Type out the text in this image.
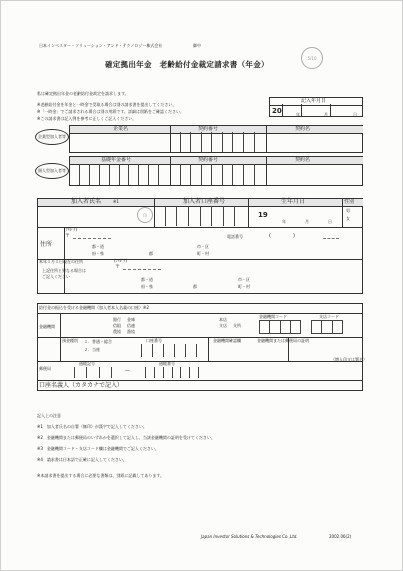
日本インベスター・ソリューション・アンド・テクノロジー株式会社	御中
5/10
確定拠出年金　老齢給付金裁定請求書（年金）
私は確定拠出年金の老齢給付金裁定を請求します。
※老齢給付金を年金と一時金で受取る場合は別の請求書を提出してください。
※「一時金」でご請求される場合は別の用紙です。詳細は別紙をご確認ください。
※この請求書は記入例を参考に正しくご記入ください。
記入年月日
20	年	月	日
企業型加入者等
企業名	契約番号	契約名
個人型加入者等
基礎年金番号	契約番号	契約名
加入者氏名	※1	加入者口座番号	生年月日	性別
印	19
年	月	日
男
女
(ﾌﾘｶﾞﾅ)
〒	電話番号	(	)
住所	都・道	市・区
府・県	郡	町・村
本年１月１日現在の住所
上記住所と異なる場合は
ご記入ください
(ﾌﾘｶﾞﾅ)
〒
都・道	市・区
府・県	郡	町・村
給付金の振込を受ける金融機関（加入者本人名義の口座）※2
金融機関コード	支店コード
金融機関
銀行 金庫
信組 信連
農協 漁協
本店
支店 支所
預金種別 １．普通・総合
２．当座
口座番号	金融機関確認欄	金融機関または郵便局の証明
（増人印又は署名）
郵便局
通帳記号	通帳番号
—
口座名義人（カタカナで記入）
記入上の注意
※1　加入者氏名の自署（無印）が漢字で記入してください。
※2　金融機関または郵便局のいずれかを選択して記入し、当該金融機関の証明を受けてください。
※3　金融機関コード・支店コード欄は金融機関でご記入ください。
※4　請求書は日本語で正確に記入してください。
※本請求書を提出する場合に必要な書類は、別紙に記載してあります。
Japan Investor Solutions & Technologies Co.,Ltd.	2002.06(2)
